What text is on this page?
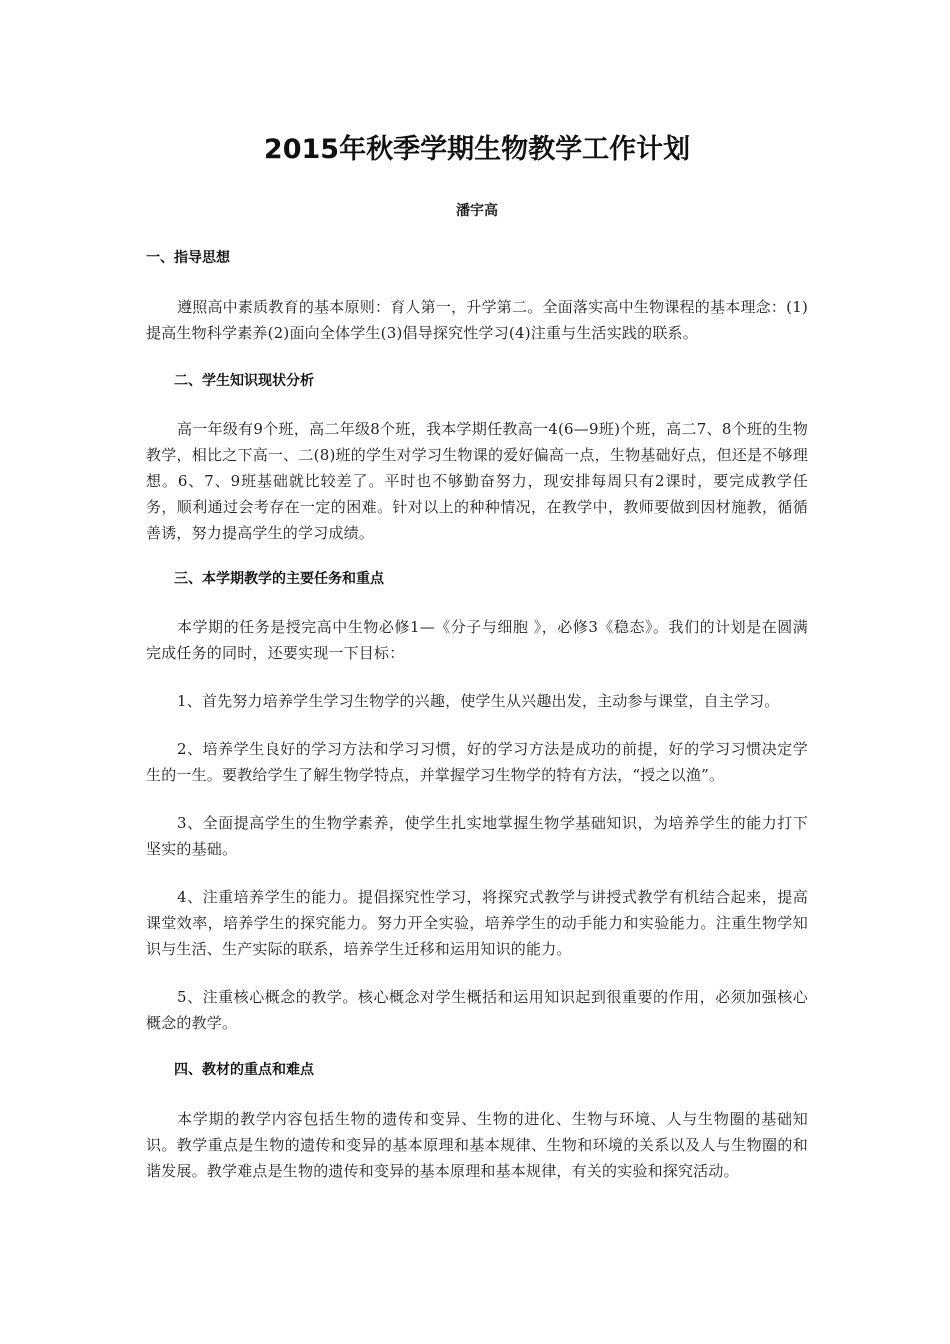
2015年秋季学期生物教学工作计划
潘宇高
一、指导思想

遵照高中素质教育的基本原则：育人第一，升学第二。全面落实高中生物课程的基本理念：(1)提高生物科学素养(2)面向全体学生(3)倡导探究性学习(4)注重与生活实践的联系。

二、学生知识现状分析

高一年级有9个班，高二年级8个班，我本学期任教高一4(6—9班)个班，高二7、8个班的生物教学，相比之下高一、二(8)班的学生对学习生物课的爱好偏高一点，生物基础好点，但还是不够理想。6、7、9班基础就比较差了。平时也不够勤奋努力，现安排每周只有2课时，要完成教学任务，顺利通过会考存在一定的困难。针对以上的种种情况，在教学中，教师要做到因材施教，循循善诱，努力提高学生的学习成绩。

三、本学期教学的主要任务和重点

本学期的任务是授完高中生物必修1—《分子与细胞 》，必修3《稳态》。我们的计划是在圆满完成任务的同时，还要实现一下目标：

1、首先努力培养学生学习生物学的兴趣，使学生从兴趣出发，主动参与课堂，自主学习。

2、培养学生良好的学习方法和学习习惯，好的学习方法是成功的前提，好的学习习惯决定学生的一生。要教给学生了解生物学特点，并掌握学习生物学的特有方法，“授之以渔”。

3、全面提高学生的生物学素养，使学生扎实地掌握生物学基础知识，为培养学生的能力打下坚实的基础。

4、注重培养学生的能力。提倡探究性学习，将探究式教学与讲授式教学有机结合起来，提高课堂效率，培养学生的探究能力。努力开全实验，培养学生的动手能力和实验能力。注重生物学知识与生活、生产实际的联系，培养学生迁移和运用知识的能力。

5、注重核心概念的教学。核心概念对学生概括和运用知识起到很重要的作用，必须加强核心概念的教学。

四、教材的重点和难点

本学期的教学内容包括生物的遗传和变异、生物的进化、生物与环境、人与生物圈的基础知识。教学重点是生物的遗传和变异的基本原理和基本规律、生物和环境的关系以及人与生物圈的和谐发展。教学难点是生物的遗传和变异的基本原理和基本规律，有关的实验和探究活动。
